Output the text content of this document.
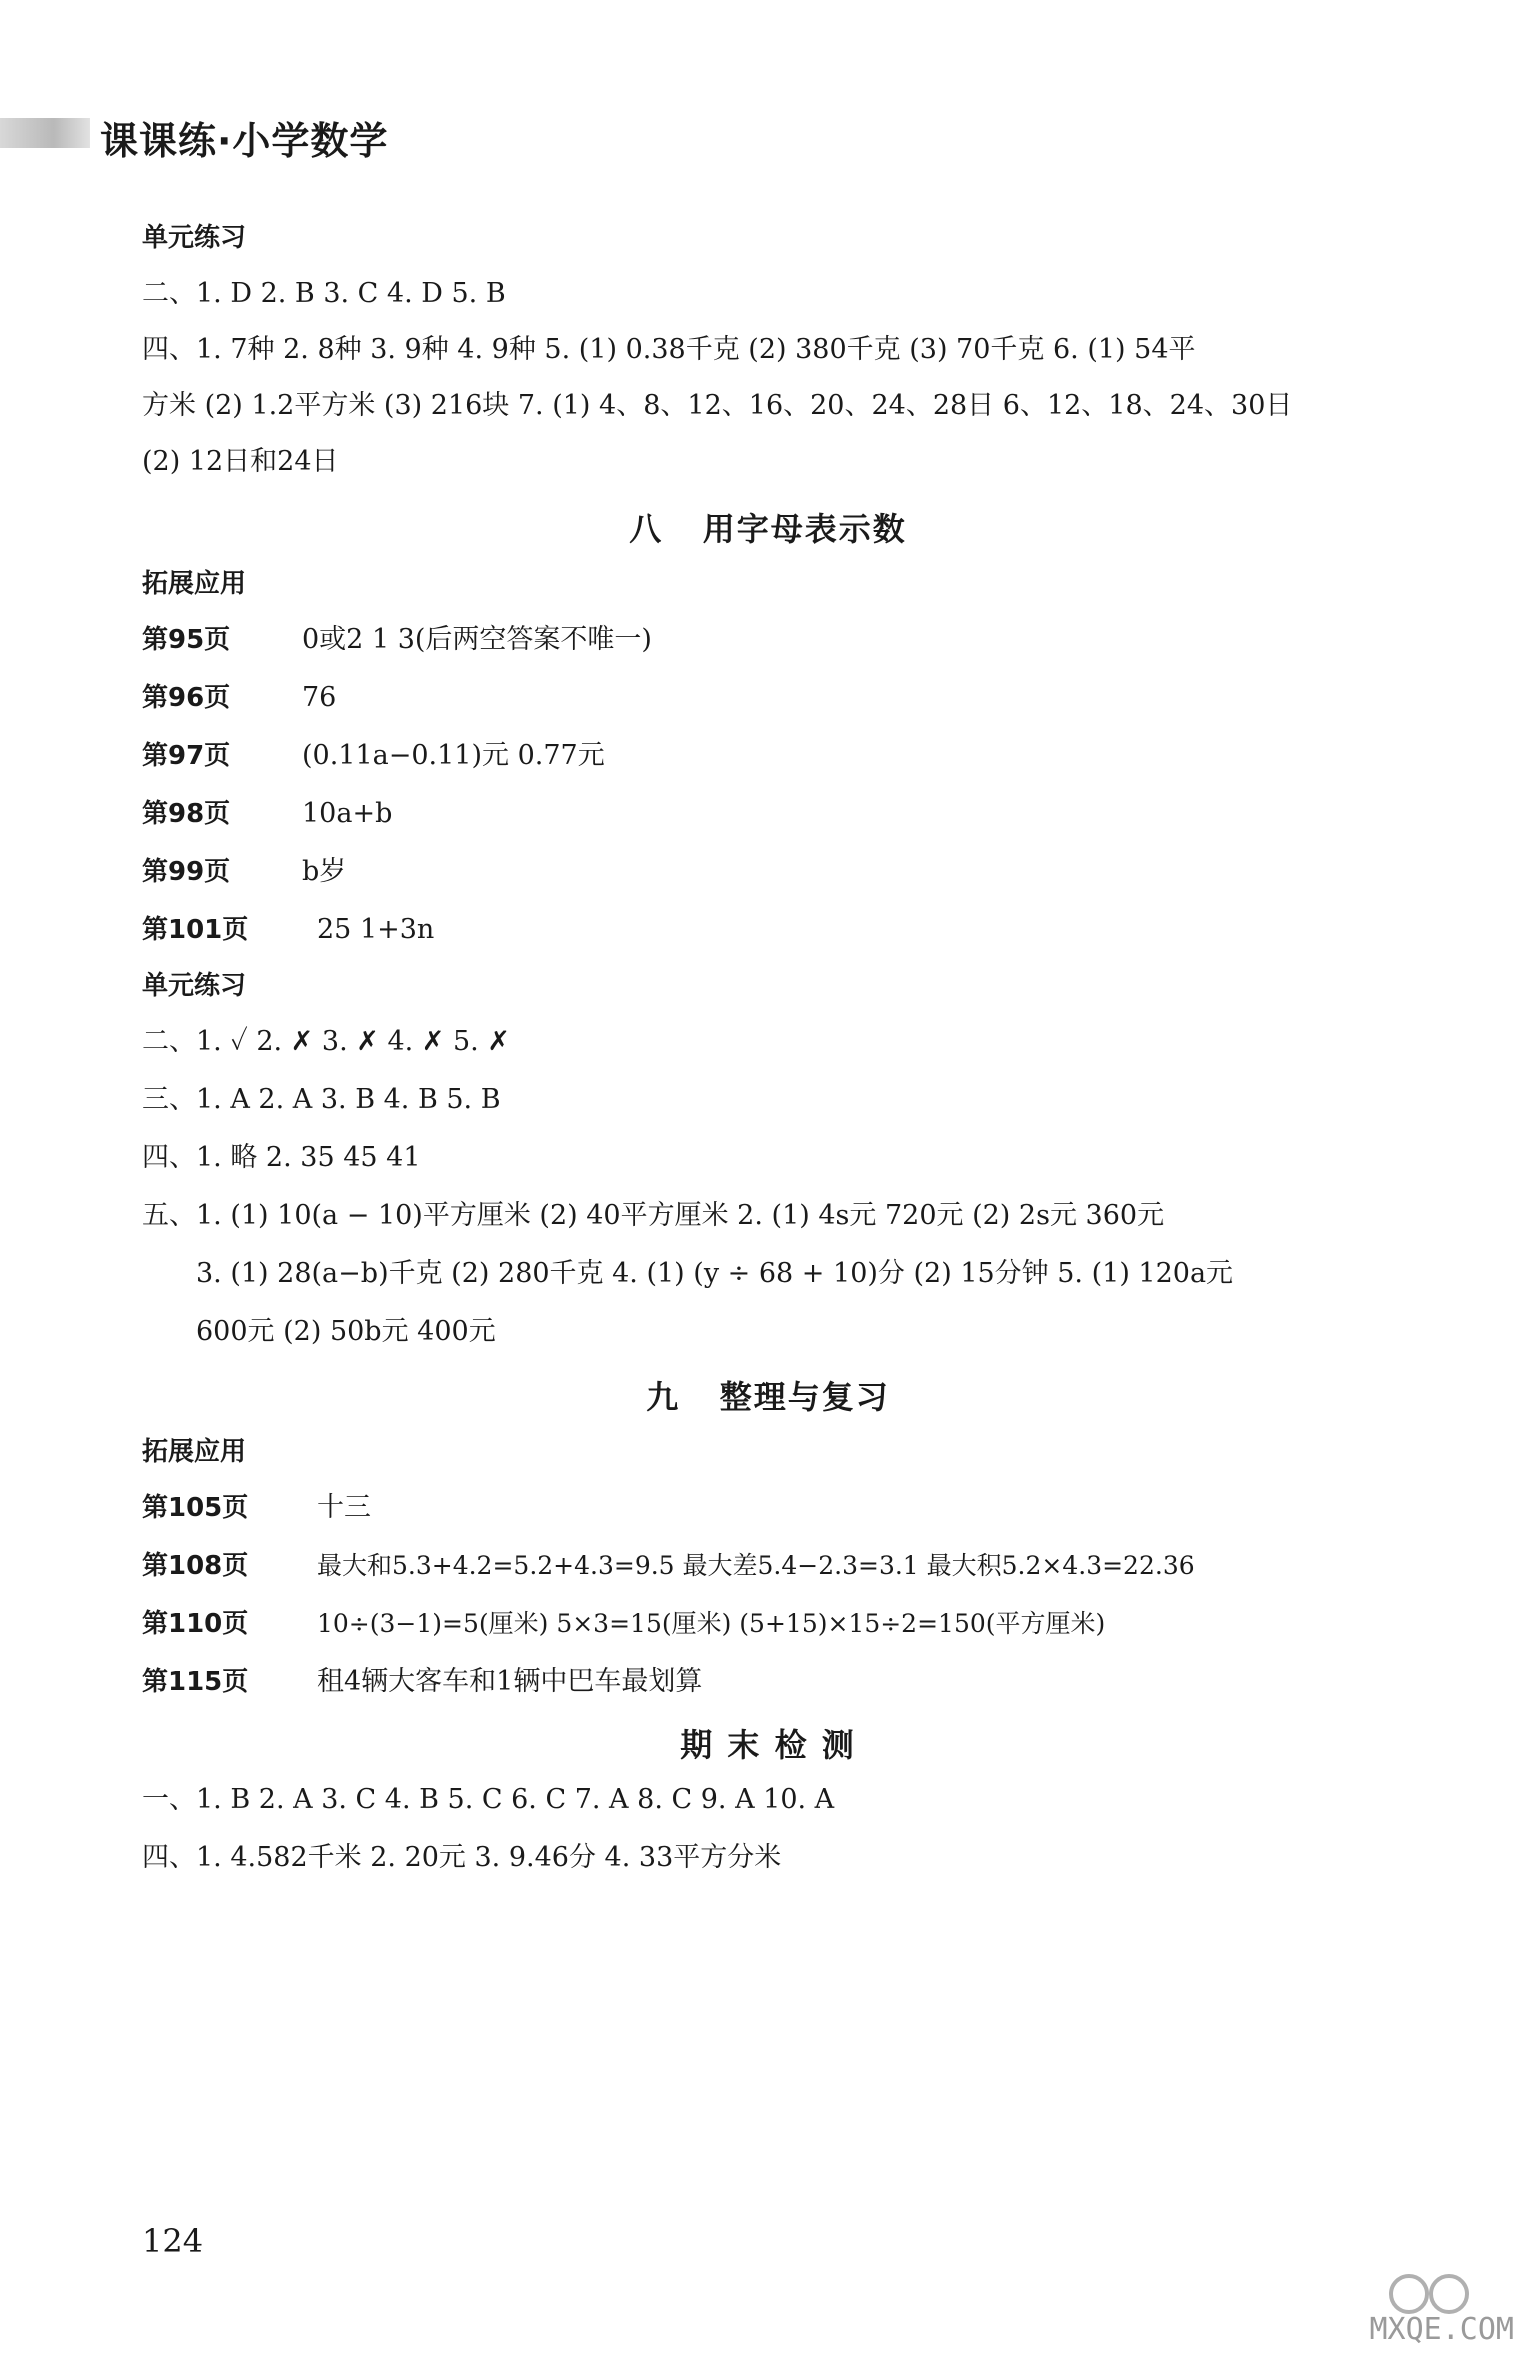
课课练·小学数学
单元练习
二、1. D 2. B 3. C 4. D 5. B
四、1. 7种 2. 8种 3. 9种 4. 9种 5. (1) 0.38千克 (2) 380千克 (3) 70千克 6. (1) 54平
方米 (2) 1.2平方米 (3) 216块 7. (1) 4、8、12、16、20、24、28日 6、12、18、24、30日
(2) 12日和24日
八   用字母表示数
拓展应用
第95页	0或2 1 3(后两空答案不唯一)
第96页	76
第97页	(0.11a−0.11)元 0.77元
第98页	10a+b
第99页	b岁
第101页	25 1+3n
单元练习
二、1. ✓ 2. ✗ 3. ✗ 4. ✗ 5. ✗
三、1. A 2. A 3. B 4. B 5. B
四、1. 略 2. 35 45 41
五、1. (1) 10(a − 10)平方厘米 (2) 40平方厘米 2. (1) 4s元 720元 (2) 2s元 360元
3. (1) 28(a−b)千克 (2) 280千克 4. (1) (y ÷ 68 + 10)分 (2) 15分钟 5. (1) 120a元
600元 (2) 50b元 400元
九   整理与复习
拓展应用
第105页	十三
第108页	最大和5.3+4.2=5.2+4.3=9.5 最大差5.4−2.3=3.1 最大积5.2×4.3=22.36
第110页	10÷(3−1)=5(厘米) 5×3=15(厘米) (5+15)×15÷2=150(平方厘米)
第115页	租4辆大客车和1辆中巴车最划算
期 末 检 测
一、1. B 2. A 3. C 4. B 5. C 6. C 7. A 8. C 9. A 10. A
四、1. 4.582千米 2. 20元 3. 9.46分 4. 33平方分米
124
MXQE.COM
